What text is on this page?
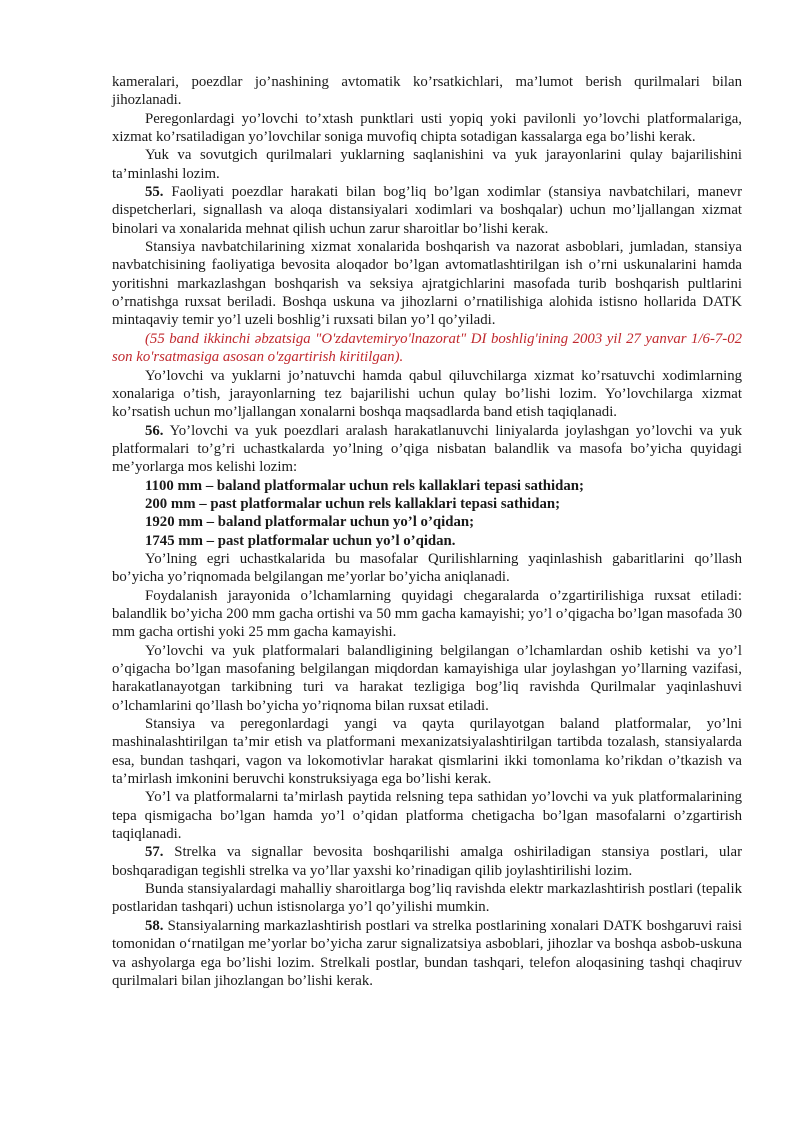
kameralari, poezdlar jo’nashining avtomatik ko’rsatkichlari, ma’lumot berish qurilmalari bilan jihozlanadi.

Peregonlardagi yo’lovchi to’xtash punktlari usti yopiq yoki pavilonli yo’lovchi platformalariga, xizmat ko’rsatiladigan yo’lovchilar soniga muvofiq chipta sotadigan kassalarga ega bo’lishi kerak.

Yuk va sovutgich qurilmalari yuklarning saqlanishini va yuk jarayonlarini qulay bajarilishini ta’minlashi lozim.

55. Faoliyati poezdlar harakati bilan bog’liq bo’lgan xodimlar (stansiya navbatchilari, manevr dispetcherlari, signallash va aloqa distansiyalari xodimlari va boshqalar) uchun mo’ljallangan xizmat binolari va xonalarida mehnat qilish uchun zarur sharoitlar bo’lishi kerak.

Stansiya navbatchilarining xizmat xonalarida boshqarish va nazorat asboblari, jumladan, stansiya navbatchisining faoliyatiga bevosita aloqador bo’lgan avtomatlashtirilgan ish o’rni uskunalarini hamda yoritishni markazlashgan boshqarish va seksiya ajratgichlarini masofada turib boshqarish pultlarini o’rnatishga ruxsat beriladi. Boshqa uskuna va jihozlarni o’rnatilishiga alohida istisno hollarida DATK mintaqaviy temir yo’l uzeli boshlig’i ruxsati bilan yo’l qo’yiladi.

(55 band ikkinchi əbzatsiga "O'zdavtemiryo'lnazorat" DI boshlig'ining 2003 yil 27 yanvar 1/6-7-02 son ko'rsatmasiga asosan o'zgartirish kiritilgan).

Yo’lovchi va yuklarni jo’natuvchi hamda qabul qiluvchilarga xizmat ko’rsatuvchi xodimlarning xonalariga o’tish, jarayonlarning tez bajarilishi uchun qulay bo’lishi lozim. Yo’lovchilarga xizmat ko’rsatish uchun mo’ljallangan xonalarni boshqa maqsadlarda band etish taqiqlanadi.

56. Yo’lovchi va yuk poezdlari aralash harakatlanuvchi liniyalarda joylashgan yo’lovchi va yuk platformalari to’g’ri uchastkalarda yo’lning o’qiga nisbatan balandlik va masofa bo’yicha quyidagi me’yorlarga mos kelishi lozim:

1100 mm – baland platformalar uchun rels kallaklari tepasi sathidan;

200 mm – past platformalar uchun rels kallaklari tepasi sathidan;

1920 mm – baland platformalar uchun yo’l o’qidan;

1745 mm – past platformalar uchun yo’l o’qidan.

Yo’lning egri uchastkalarida bu masofalar Qurilishlarning yaqinlashish gabaritlarini qo’llash bo’yicha yo’riqnomada belgilangan me’yorlar bo’yicha aniqlanadi.

Foydalanish jarayonida o’lchamlarning quyidagi chegaralarda o’zgartirilishiga ruxsat etiladi: balandlik bo’yicha 200 mm gacha ortishi va 50 mm gacha kamayishi; yo’l o’qigacha bo’lgan masofada 30 mm gacha ortishi yoki 25 mm gacha kamayishi.

Yo’lovchi va yuk platformalari balandligining belgilangan o’lchamlardan oshib ketishi va yo’l o’qigacha bo’lgan masofaning belgilangan miqdordan kamayishiga ular joylashgan yo’llarning vazifasi, harakatlanayotgan tarkibning turi va harakat tezligiga bog’liq ravishda Qurilmalar yaqinlashuvi o’lchamlarini qo’llash bo’yicha yo’riqnoma bilan ruxsat etiladi.

Stansiya va peregonlardagi yangi va qayta qurilayotgan baland platformalar, yo’lni mashinalashtirilgan ta’mir etish va platformani mexanizatsiyalashtirilgan tartibda tozalash, stansiyalarda esa, bundan tashqari, vagon va lokomotivlar harakat qismlarini ikki tomonlama ko’rikdan o’tkazish va ta’mirlash imkonini beruvchi konstruksiyaga ega bo’lishi kerak.

Yo’l va platformalarni ta’mirlash paytida relsning tepa sathidan yo’lovchi va yuk platformalarining tepa qismigacha bo’lgan hamda yo’l o’qidan platforma chetigacha bo’lgan masofalarni o’zgartirish taqiqlanadi.

57. Strelka va signallar bevosita boshqarilishi amalga oshiriladigan stansiya postlari, ular boshqaradigan tegishli strelka va yo’llar yaxshi ko’rinadigan qilib joylashtirilishi lozim.

Bunda stansiyalardagi mahalliy sharoitlarga bog’liq ravishda elektr markazlashtirish postlari (tepalik postlaridan tashqari) uchun istisnolarga yo’l qo’yilishi mumkin.

58. Stansiyalarning markazlashtirish postlari va strelka postlarining xonalari DATK boshgaruvi raisi tomonidan o‘rnatilgan me’yorlar bo’yicha zarur signalizatsiya asboblari, jihozlar va boshqa asbob-uskuna va ashyolarga ega bo’lishi lozim. Strelkali postlar, bundan tashqari, telefon aloqasining tashqi chaqiruv qurilmalari bilan jihozlangan bo’lishi kerak.
